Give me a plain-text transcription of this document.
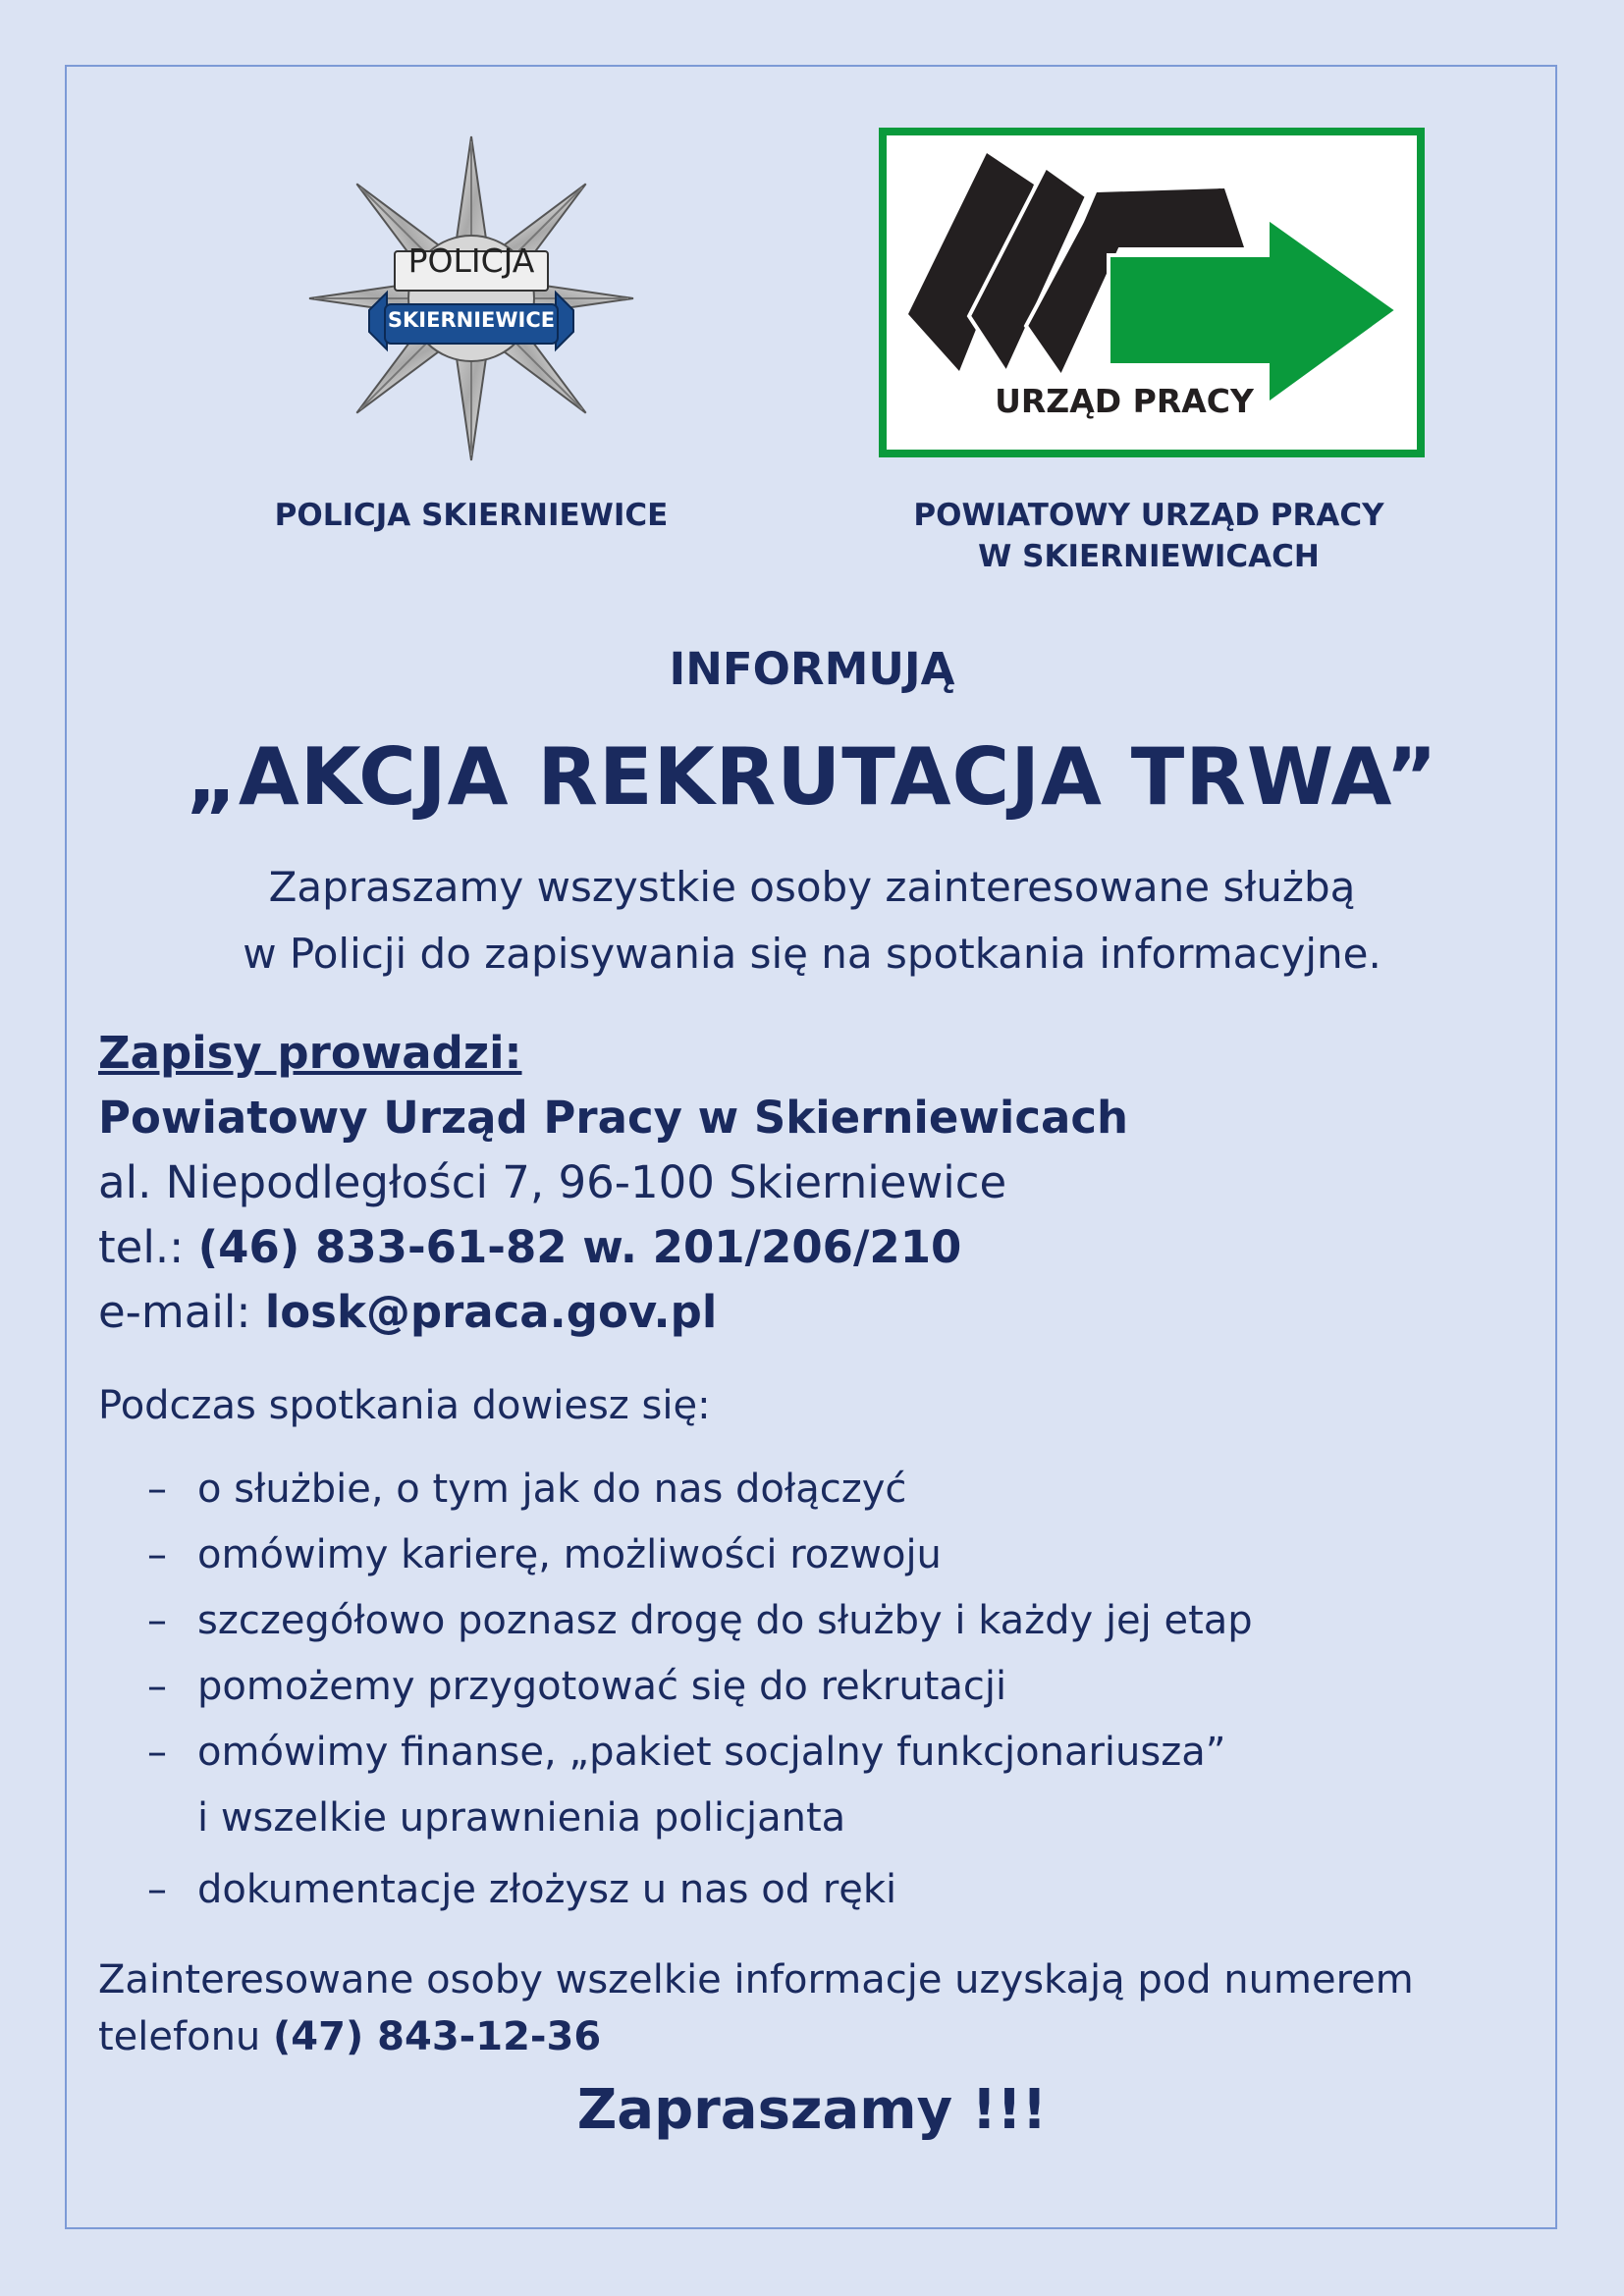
POLICJA
SKIERNIEWICE
URZĄD PRACY
POLICJA SKIERNIEWICE	POWIATOWY URZĄD PRACY
W SKIERNIEWICACH
INFORMUJĄ
„AKCJA REKRUTACJA TRWA”
Zapraszamy wszystkie osoby zainteresowane służbą
w Policji do zapisywania się na spotkania informacyjne.
Zapisy prowadzi:
Powiatowy Urząd Pracy w Skierniewicach
al. Niepodległości 7, 96-100 Skierniewice
tel.: (46) 833-61-82 w. 201/206/210
e-mail: losk@praca.gov.pl
Podczas spotkania dowiesz się:
– o służbie, o tym jak do nas dołączyć
– omówimy karierę, możliwości rozwoju
– szczegółowo poznasz drogę do służby i każdy jej etap
– pomożemy przygotować się do rekrutacji
– omówimy finanse, „pakiet socjalny funkcjonariusza”
i wszelkie uprawnienia policjanta
– dokumentacje złożysz u nas od ręki
Zainteresowane osoby wszelkie informacje uzyskają pod numerem
telefonu (47) 843-12-36
Zapraszamy !!!
